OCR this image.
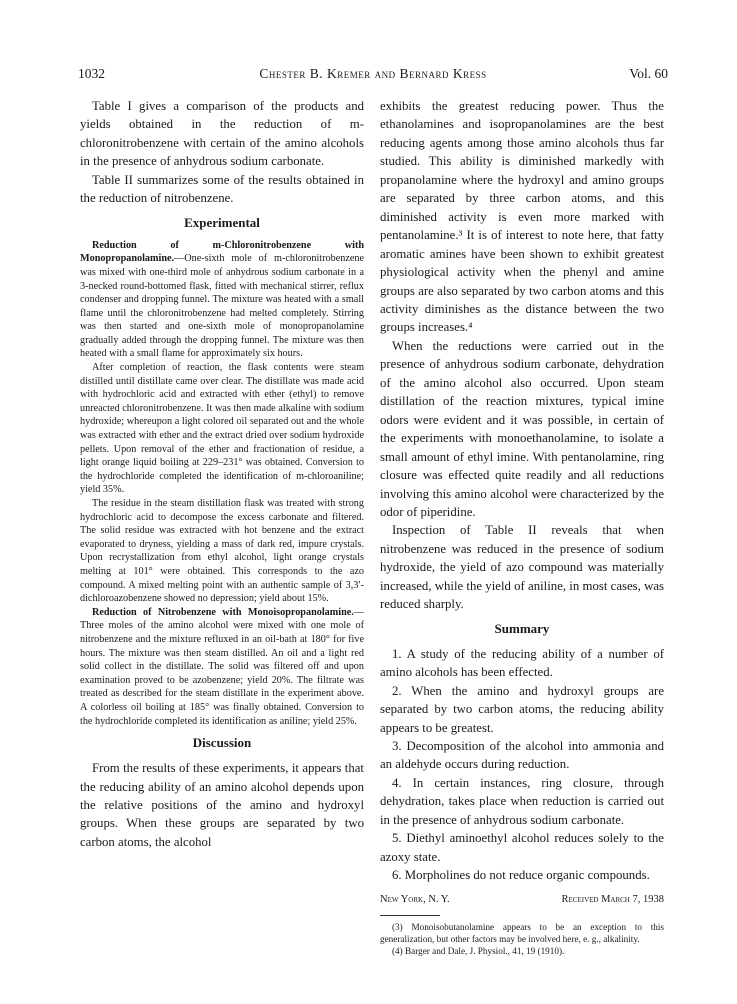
1032	Chester B. Kremer and Bernard Kress	Vol. 60

Table I gives a comparison of the products and yields obtained in the reduction of m-chloronitrobenzene with certain of the amino alcohols in the presence of anhydrous sodium carbonate.

Table II summarizes some of the results obtained in the reduction of nitrobenzene.

Experimental

Reduction of m-Chloronitrobenzene with Monopropanolamine.—One-sixth mole of m-chloronitrobenzene was mixed with one-third mole of anhydrous sodium carbonate in a 3-necked round-bottomed flask, fitted with mechanical stirrer, reflux condenser and dropping funnel. The mixture was heated with a small flame until the chloronitrobenzene had melted completely. Stirring was then started and one-sixth mole of monopropanolamine gradually added through the dropping funnel. The mixture was then heated with a small flame for approximately six hours.

After completion of reaction, the flask contents were steam distilled until distillate came over clear. The distillate was made acid with hydrochloric acid and extracted with ether (ethyl) to remove unreacted chloronitrobenzene. It was then made alkaline with sodium hydroxide; whereupon a light colored oil separated out and the whole was extracted with ether and the extract dried over sodium hydroxide pellets. Upon removal of the ether and fractionation of residue, a light orange liquid boiling at 229–231° was obtained. Conversion to the hydrochloride completed the identification of m-chloroaniline; yield 35%.

The residue in the steam distillation flask was treated with strong hydrochloric acid to decompose the excess carbonate and filtered. The solid residue was extracted with hot benzene and the extract evaporated to dryness, yielding a mass of dark red, impure crystals. Upon recrystallization from ethyl alcohol, light orange crystals melting at 101° were obtained. This corresponds to the azo compound. A mixed melting point with an authentic sample of 3,3′-dichloroazobenzene showed no depression; yield about 15%.

Reduction of Nitrobenzene with Monoisopropanolamine.—Three moles of the amino alcohol were mixed with one mole of nitrobenzene and the mixture refluxed in an oil-bath at 180° for five hours. The mixture was then steam distilled. An oil and a light red solid collect in the distillate. The solid was filtered off and upon examination proved to be azobenzene; yield 20%. The filtrate was treated as described for the steam distillate in the experiment above. A colorless oil boiling at 185° was finally obtained. Conversion to the hydrochloride completed its identification as aniline; yield 25%.

Discussion

From the results of these experiments, it appears that the reducing ability of an amino alcohol depends upon the relative positions of the amino and hydroxyl groups. When these groups are separated by two carbon atoms, the alcohol

exhibits the greatest reducing power. Thus the ethanolamines and isopropanolamines are the best reducing agents among those amino alcohols thus far studied. This ability is diminished markedly with propanolamine where the hydroxyl and amino groups are separated by three carbon atoms, and this diminished activity is even more marked with pentanolamine.³ It is of interest to note here, that fatty aromatic amines have been shown to exhibit greatest physiological activity when the phenyl and amine groups are also separated by two carbon atoms and this activity diminishes as the distance between the two groups increases.⁴

When the reductions were carried out in the presence of anhydrous sodium carbonate, dehydration of the amino alcohol also occurred. Upon steam distillation of the reaction mixtures, typical imine odors were evident and it was possible, in certain of the experiments with monoethanolamine, to isolate a small amount of ethyl imine. With pentanolamine, ring closure was effected quite readily and all reductions involving this amino alcohol were characterized by the odor of piperidine.

Inspection of Table II reveals that when nitrobenzene was reduced in the presence of sodium hydroxide, the yield of azo compound was materially increased, while the yield of aniline, in most cases, was reduced sharply.

Summary

1. A study of the reducing ability of a number of amino alcohols has been effected.

2. When the amino and hydroxyl groups are separated by two carbon atoms, the reducing ability appears to be greatest.

3. Decomposition of the alcohol into ammonia and an aldehyde occurs during reduction.

4. In certain instances, ring closure, through dehydration, takes place when reduction is carried out in the presence of anhydrous sodium carbonate.

5. Diethyl aminoethyl alcohol reduces solely to the azoxy state.

6. Morpholines do not reduce organic compounds.

New York, N. Y.	Received March 7, 1938

(3) Monoisobutanolamine appears to be an exception to this generalization, but other factors may be involved here, e. g., alkalinity.

(4) Barger and Dale, J. Physiol., 41, 19 (1910).
